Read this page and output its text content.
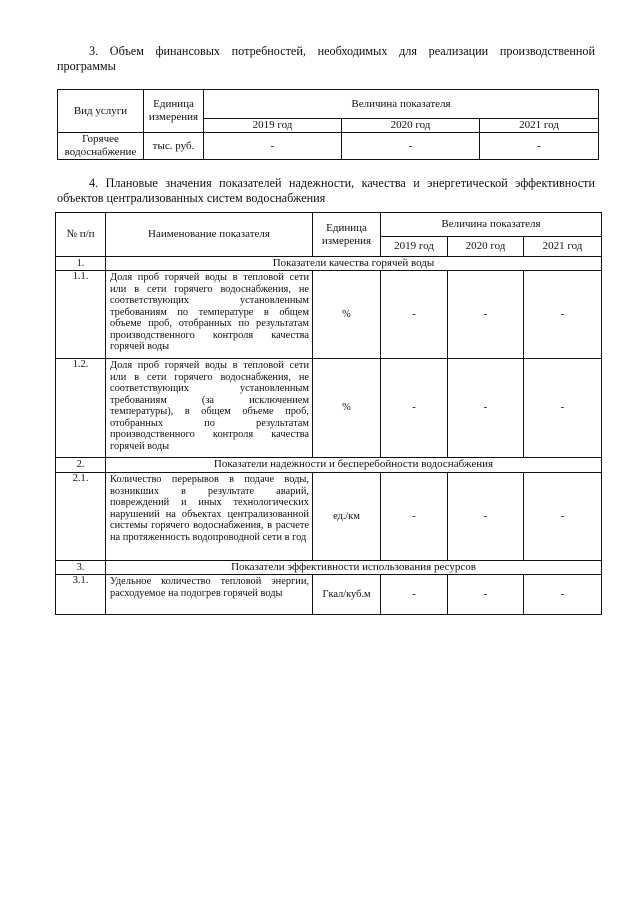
3. Объем финансовых потребностей, необходимых для реализации производственной
программы
Вид услуги	Единица измерения	Величина показателя		
		2019 год	2020 год	2021 год
Горячее водоснабжение	тыс. руб.	-	-	-
4. Плановые значения показателей надежности, качества и энергетической эффективности
объектов централизованных систем водоснабжения
№ п/п	Наименование показателя	Единица измерения	Величина показателя		
			2019 год	2020 год	2021 год
1.	Показатели качества горячей воды				
1.1.	Доля проб горячей воды в тепловой сети или в сети горячего водоснабжения, не соответствующих установленным требованиям по температуре в общем объеме проб, отобранных по результатам производственного контроля качества горячей воды	%	-	-	-
1.2.	Доля проб горячей воды в тепловой сети или в сети горячего водоснабжения, не соответствующих установленным требованиям (за исключением температуры), в общем объеме проб, отобранных по результатам производственного контроля качества горячей воды	%	-	-	-
2.	Показатели надежности и бесперебойности водоснабжения				
2.1.	Количество перерывов в подаче воды, возникших в результате аварий, повреждений и иных технологических нарушений на объектах централизованной системы горячего водоснабжения, в расчете на протяженность водопроводной сети в год	ед./км	-	-	-
3.	Показатели эффективности использования ресурсов				
3.1.	Удельное количество тепловой энергии, расходуемое на подогрев горячей воды	Гкал/куб.м	-	-	-
